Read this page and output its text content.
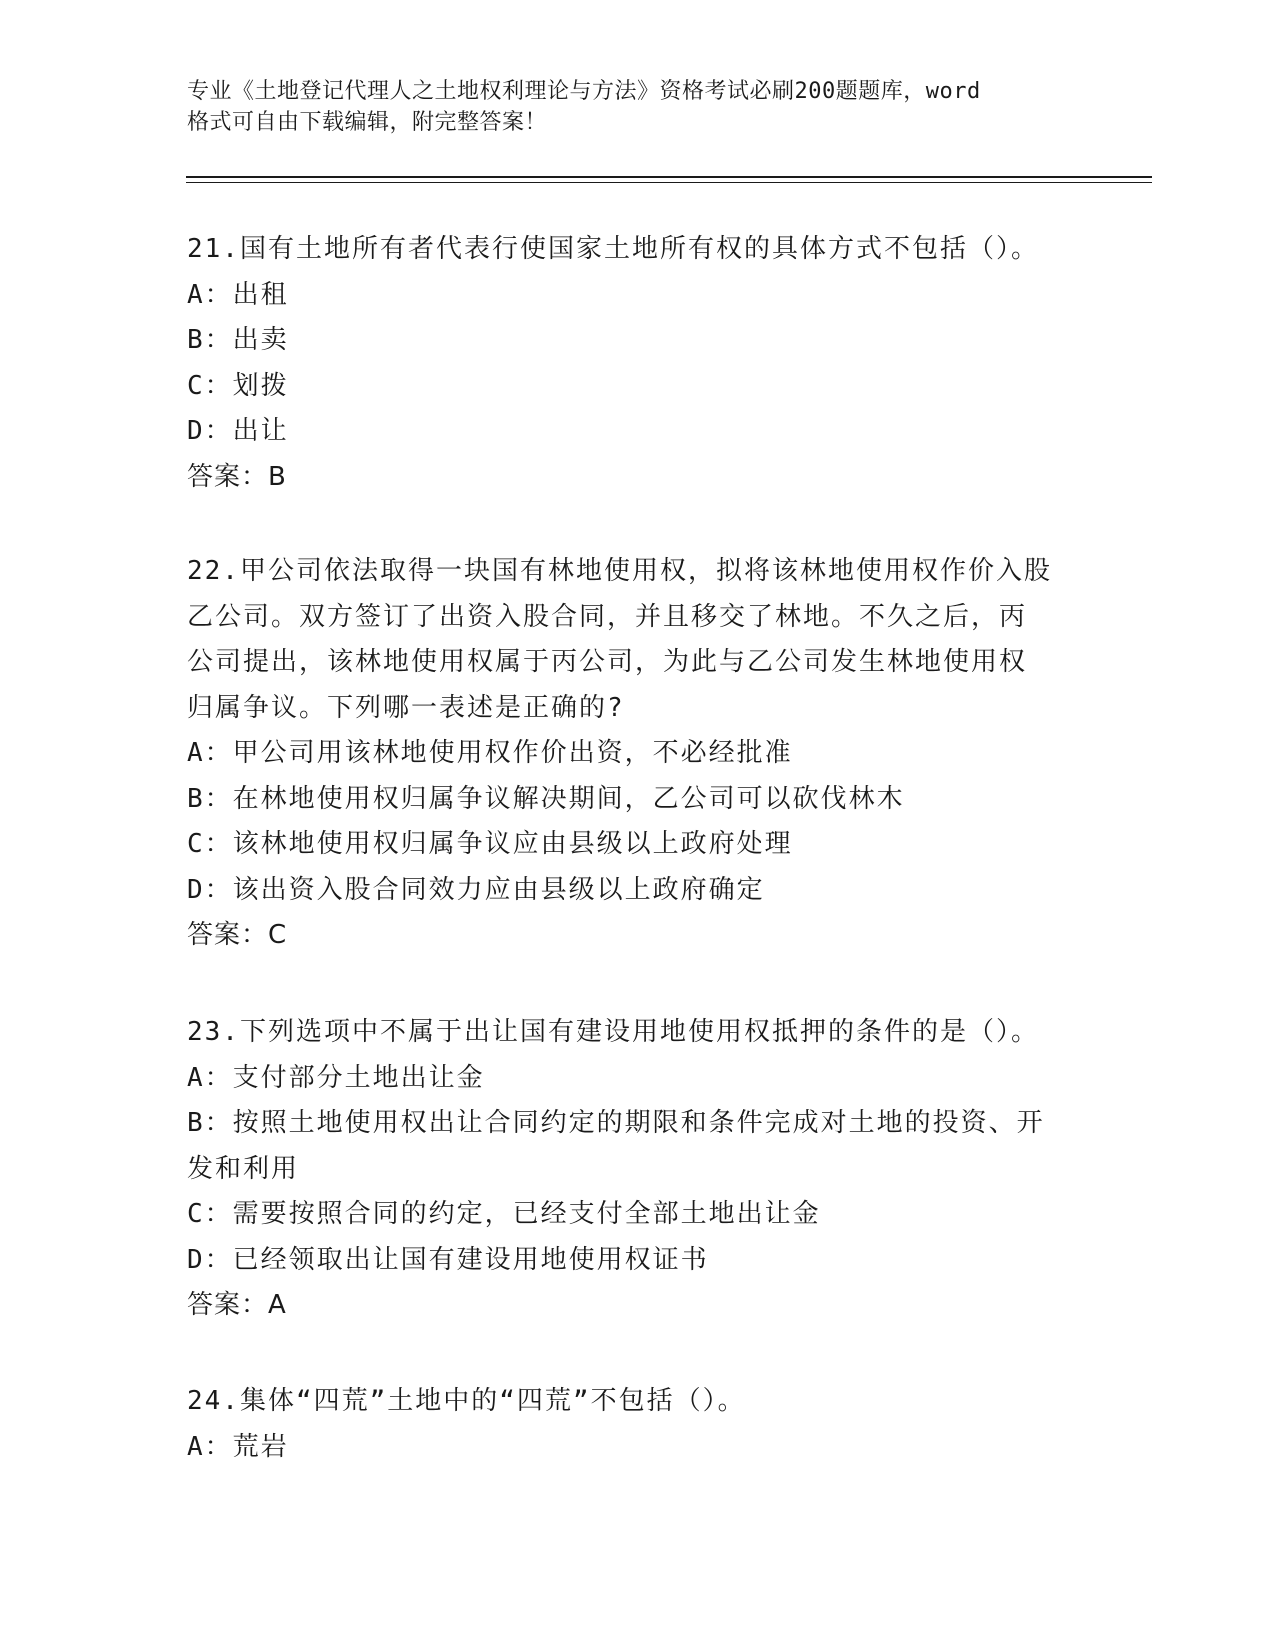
专业《土地登记代理人之土地权利理论与方法》资格考试必刷200题题库，word
格式可自由下载编辑，附完整答案！
21.国有土地所有者代表行使国家土地所有权的具体方式不包括（）。
A：出租
B：出卖
C：划拨
D：出让
答案：B
22.甲公司依法取得一块国有林地使用权，拟将该林地使用权作价入股
乙公司。双方签订了出资入股合同，并且移交了林地。不久之后，丙
公司提出，该林地使用权属于丙公司，为此与乙公司发生林地使用权
归属争议。下列哪一表述是正确的?
A：甲公司用该林地使用权作价出资，不必经批准
B：在林地使用权归属争议解决期间，乙公司可以砍伐林木
C：该林地使用权归属争议应由县级以上政府处理
D：该出资入股合同效力应由县级以上政府确定
答案：C
23.下列选项中不属于出让国有建设用地使用权抵押的条件的是（）。
A：支付部分土地出让金
B：按照土地使用权出让合同约定的期限和条件完成对土地的投资、开
发和利用
C：需要按照合同的约定，已经支付全部土地出让金
D：已经领取出让国有建设用地使用权证书
答案：A
24.集体“四荒”土地中的“四荒”不包括（）。
A：荒岩
